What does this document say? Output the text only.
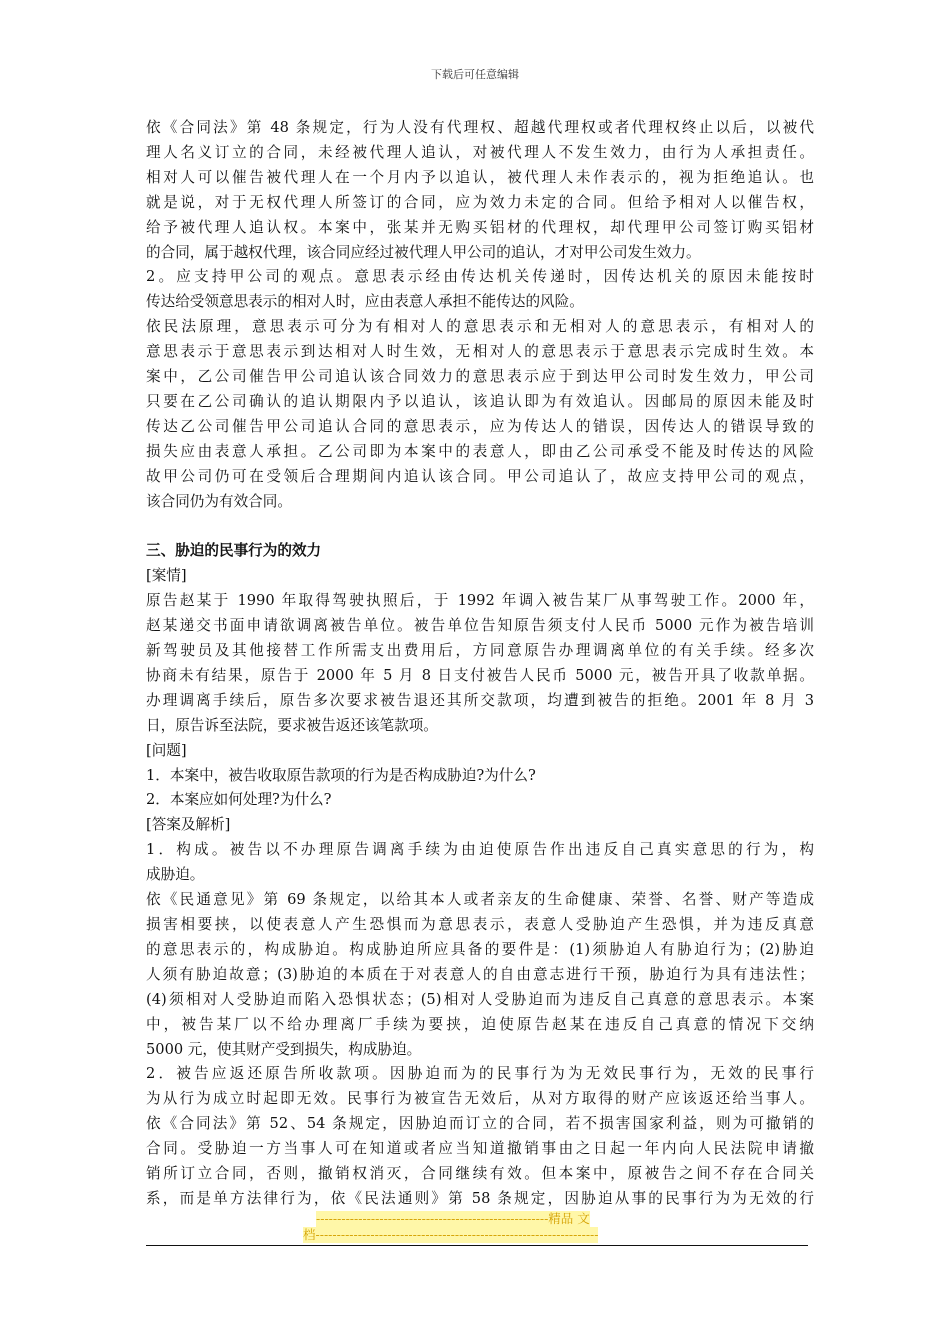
下载后可任意编辑
依《合同法》第 48 条规定，行为人没有代理权、超越代理权或者代理权终止以后，以被代
理人名义订立的合同，未经被代理人追认，对被代理人不发生效力，由行为人承担责任。
相对人可以催告被代理人在一个月内予以追认，被代理人未作表示的，视为拒绝追认。也
就是说，对于无权代理人所签订的合同，应为效力未定的合同。但给予相对人以催告权，
给予被代理人追认权。本案中，张某并无购买铝材的代理权，却代理甲公司签订购买铝材
的合同，属于越权代理，该合同应经过被代理人甲公司的追认，才对甲公司发生效力。
2。应支持甲公司的观点。意思表示经由传达机关传递时，因传达机关的原因未能按时
传达给受领意思表示的相对人时，应由表意人承担不能传达的风险。
依民法原理，意思表示可分为有相对人的意思表示和无相对人的意思表示，有相对人的
意思表示于意思表示到达相对人时生效，无相对人的意思表示于意思表示完成时生效。本
案中，乙公司催告甲公司追认该合同效力的意思表示应于到达甲公司时发生效力，甲公司
只要在乙公司确认的追认期限内予以追认，该追认即为有效追认。因邮局的原因未能及时
传达乙公司催告甲公司追认合同的意思表示，应为传达人的错误，因传达人的错误导致的
损失应由表意人承担。乙公司即为本案中的表意人，即由乙公司承受不能及时传达的风险
故甲公司仍可在受领后合理期间内追认该合同。甲公司追认了，故应支持甲公司的观点，
该合同仍为有效合同。
三、胁迫的民事行为的效力
[案情]
原告赵某于 1990 年取得驾驶执照后，于 1992 年调入被告某厂从事驾驶工作。2000 年，
赵某递交书面申请欲调离被告单位。被告单位告知原告须支付人民币 5000 元作为被告培训
新驾驶员及其他接替工作所需支出费用后，方同意原告办理调离单位的有关手续。经多次
协商未有结果，原告于 2000 年 5 月 8 日支付被告人民币 5000 元，被告开具了收款单据。
办理调离手续后，原告多次要求被告退还其所交款项，均遭到被告的拒绝。2001 年 8 月 3
日，原告诉至法院，要求被告返还该笔款项。
[问题]
1．本案中，被告收取原告款项的行为是否构成胁迫?为什么?
2．本案应如何处理?为什么?
[答案及解析]
1．构成。被告以不办理原告调离手续为由迫使原告作出违反自己真实意思的行为，构
成胁迫。
依《民通意见》第 69 条规定，以给其本人或者亲友的生命健康、荣誉、名誉、财产等造成
损害相要挟，以使表意人产生恐惧而为意思表示，表意人受胁迫产生恐惧，并为违反真意
的意思表示的，构成胁迫。构成胁迫所应具备的要件是：(1)须胁迫人有胁迫行为；(2)胁迫
人须有胁迫故意；(3)胁迫的本质在于对表意人的自由意志进行干预，胁迫行为具有违法性；
(4)须相对人受胁迫而陷入恐惧状态；(5)相对人受胁迫而为违反自己真意的意思表示。本案
中，被告某厂以不给办理离厂手续为要挟，迫使原告赵某在违反自己真意的情况下交纳
5000 元，使其财产受到损失，构成胁迫。
2．被告应返还原告所收款项。因胁迫而为的民事行为为无效民事行为，无效的民事行
为从行为成立时起即无效。民事行为被宣告无效后，从对方取得的财产应该返还给当事人。
依《合同法》第 52、54 条规定，因胁迫而订立的合同，若不损害国家利益，则为可撤销的
合同。受胁迫一方当事人可在知道或者应当知道撤销事由之日起一年内向人民法院申请撤
销所订立合同，否则，撤销权消灭，合同继续有效。但本案中，原被告之间不存在合同关
系，而是单方法律行为，依《民法通则》第 58 条规定，因胁迫从事的民事行为为无效的行
-------------------------------------------------------精品 文
档-------------------------------------------------------------------
